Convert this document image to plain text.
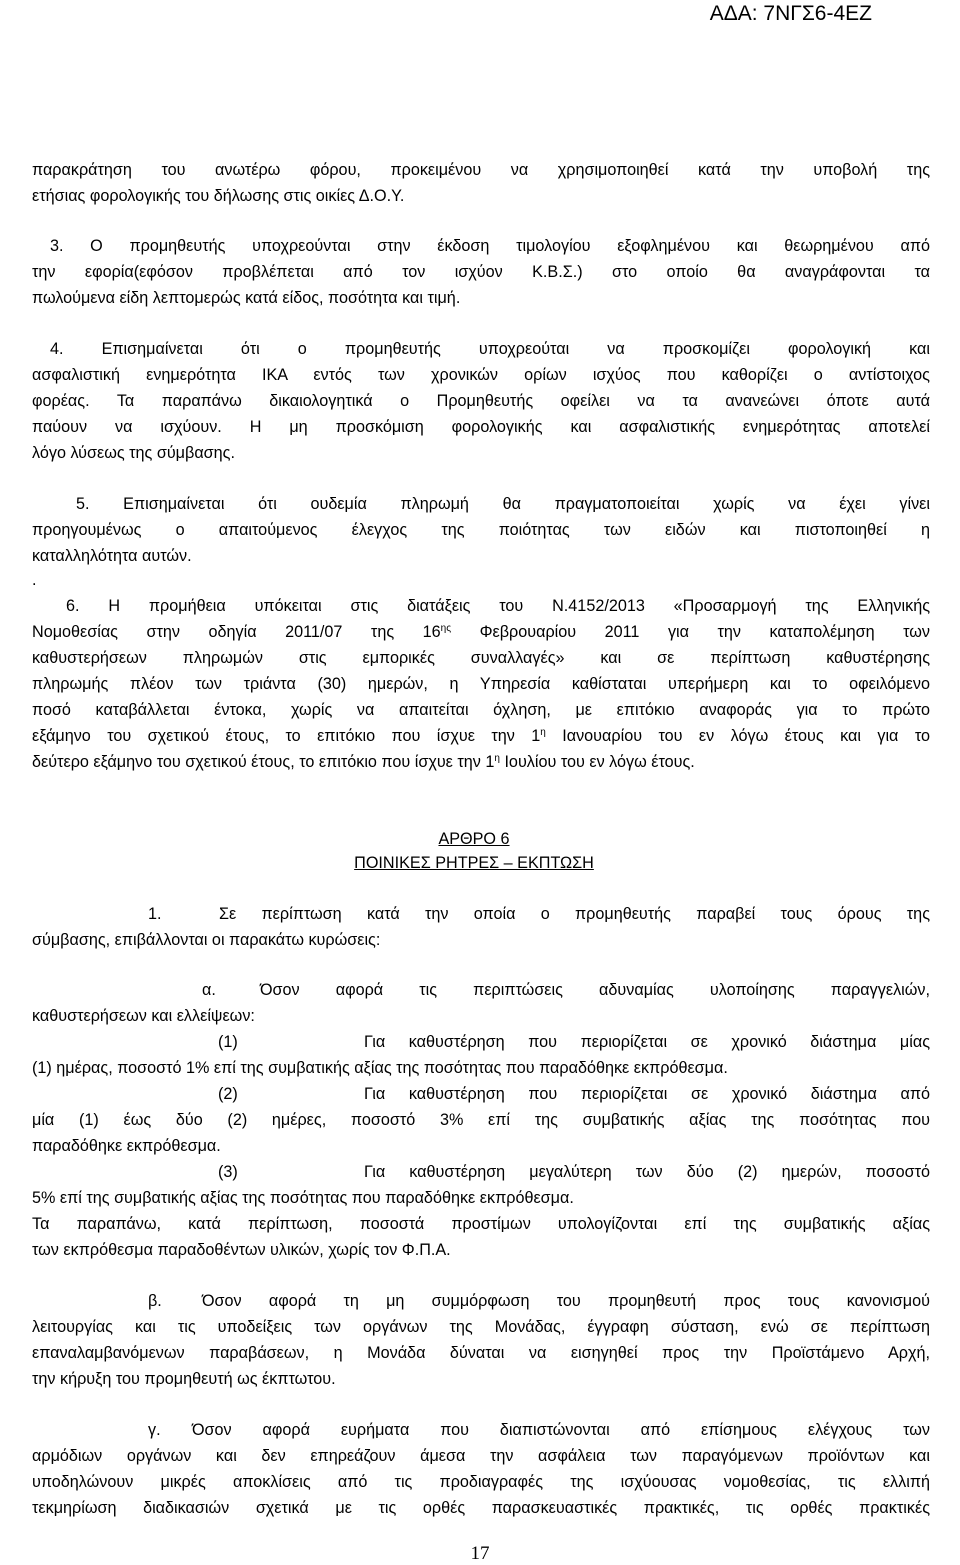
ΑΔΑ: 7ΝΓΣ6-4ΕΖ
παρακράτηση του ανωτέρω φόρου, προκειμένου να χρησιμοποιηθεί κατά την υποβολή της
ετήσιας φορολογικής του δήλωσης στις οικίες Δ.Ο.Υ.
3. Ο προμηθευτής υποχρεούνται στην έκδοση τιμολογίου εξοφλημένου και θεωρημένου από
την εφορία(εφόσον προβλέπεται από τον ισχύον Κ.Β.Σ.) στο οποίο θα αναγράφονται τα
πωλούμενα είδη λεπτομερώς κατά είδος, ποσότητα και τιμή.
4. Επισημαίνεται ότι ο προμηθευτής υποχρεούται να προσκομίζει φορολογική και
ασφαλιστική ενημερότητα ΙΚΑ εντός των χρονικών ορίων ισχύος που καθορίζει ο αντίστοιχος
φορέας. Τα παραπάνω δικαιολογητικά ο Προμηθευτής οφείλει να τα ανανεώνει όποτε αυτά
παύουν να ισχύουν. Η μη προσκόμιση φορολογικής και ασφαλιστικής ενημερότητας αποτελεί
λόγο λύσεως της σύμβασης.
5. Επισημαίνεται ότι ουδεμία πληρωμή θα πραγματοποιείται χωρίς να έχει γίνει
προηγουμένως ο απαιτούμενος έλεγχος της ποιότητας των ειδών και πιστοποιηθεί η
καταλληλότητα αυτών.
.
6. Η προμήθεια υπόκειται στις διατάξεις του Ν.4152/2013 «Προσαρμογή της Ελληνικής
Νομοθεσίας στην οδηγία 2011/07 της $16^{\eta\varsigma}$ Φεβρουαρίου 2011 για την καταπολέμηση των
καθυστερήσεων πληρωμών στις εμπορικές συναλλαγές» και σε περίπτωση καθυστέρησης
πληρωμής πλέον των τριάντα (30) ημερών, η Υπηρεσία καθίσταται υπερήμερη και το οφειλόμενο
ποσό καταβάλλεται έντοκα, χωρίς να απαιτείται όχληση, με επιτόκιο αναφοράς για το πρώτο
εξάμηνο του σχετικού έτους, το επιτόκιο που ίσχυε την $1^\eta$ Ιανουαρίου του εν λόγω έτους και για το
δεύτερο εξάμηνο του σχετικού έτους, το επιτόκιο που ίσχυε την $1^\eta$ Ιουλίου του εν λόγω έτους.
ΑΡΘΡΟ 6
ΠΟΙΝΙΚΕΣ ΡΗΤΡΕΣ – ΕΚΠΤΩΣΗ
1.	Σε περίπτωση κατά την οποία ο προμηθευτής παραβεί τους όρους της
σύμβασης, επιβάλλονται οι παρακάτω κυρώσεις:
α.	Όσον αφορά τις περιπτώσεις αδυναμίας υλοποίησης παραγγελιών,
καθυστερήσεων και ελλείψεων:
(1)	Για καθυστέρηση που περιορίζεται σε χρονικό διάστημα μίας
(1) ημέρας, ποσοστό 1% επί της συμβατικής αξίας της ποσότητας που παραδόθηκε εκπρόθεσμα.
(2)	Για καθυστέρηση που περιορίζεται σε χρονικό διάστημα από
μία (1) έως δύο (2) ημέρες, ποσοστό 3% επί της συμβατικής αξίας της ποσότητας που
παραδόθηκε εκπρόθεσμα.
(3)	Για καθυστέρηση μεγαλύτερη των δύο (2) ημερών, ποσοστό
5% επί της συμβατικής αξίας της ποσότητας που παραδόθηκε εκπρόθεσμα.
Τα παραπάνω, κατά περίπτωση, ποσοστά προστίμων υπολογίζονται επί της συμβατικής αξίας
των εκπρόθεσμα παραδοθέντων υλικών, χωρίς τον Φ.Π.Α.
β.	Όσον αφορά τη μη συμμόρφωση του προμηθευτή προς τους κανονισμού
λειτουργίας και τις υποδείξεις των οργάνων της Μονάδας, έγγραφη σύσταση, ενώ σε περίπτωση
επαναλαμβανόμενων παραβάσεων, η Μονάδα δύναται να εισηγηθεί προς την Προϊστάμενο Αρχή,
την κήρυξη του προμηθευτή ως έκπτωτου.
γ.	Όσον αφορά ευρήματα που διαπιστώνονται από επίσημους ελέγχους των
αρμόδιων οργάνων και δεν επηρεάζουν άμεσα την ασφάλεια των παραγόμενων προϊόντων και
υποδηλώνουν μικρές αποκλίσεις από τις προδιαγραφές της ισχύουσας νομοθεσίας, τις ελλιπή
τεκμηρίωση διαδικασιών σχετικά με τις ορθές παρασκευαστικές πρακτικές, τις ορθές πρακτικές
17
